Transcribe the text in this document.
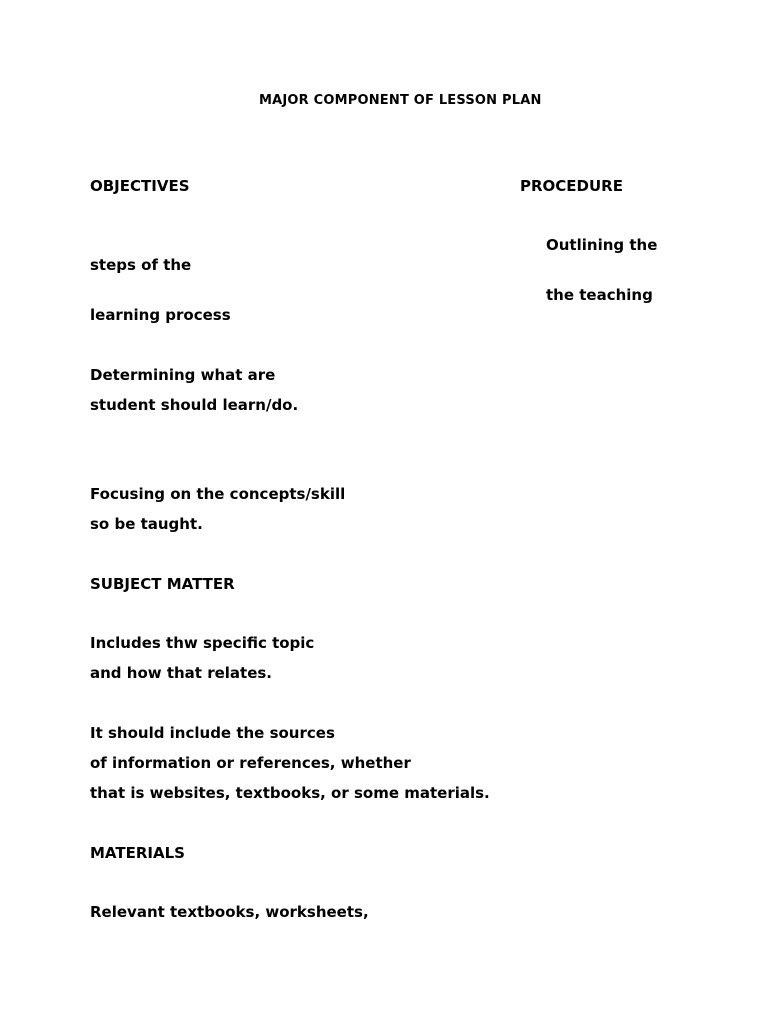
MAJOR COMPONENT OF LESSON PLAN
OBJECTIVES	PROCEDURE
Outlining the
steps of the
the teaching
learning process
Determining what are
student should learn/do.
Focusing on the concepts/skill
so be taught.
SUBJECT MATTER
Includes thw specific topic
and how that relates.
It should include the sources
of information or references, whether
that is websites, textbooks, or some materials.
MATERIALS
Relevant textbooks, worksheets,
